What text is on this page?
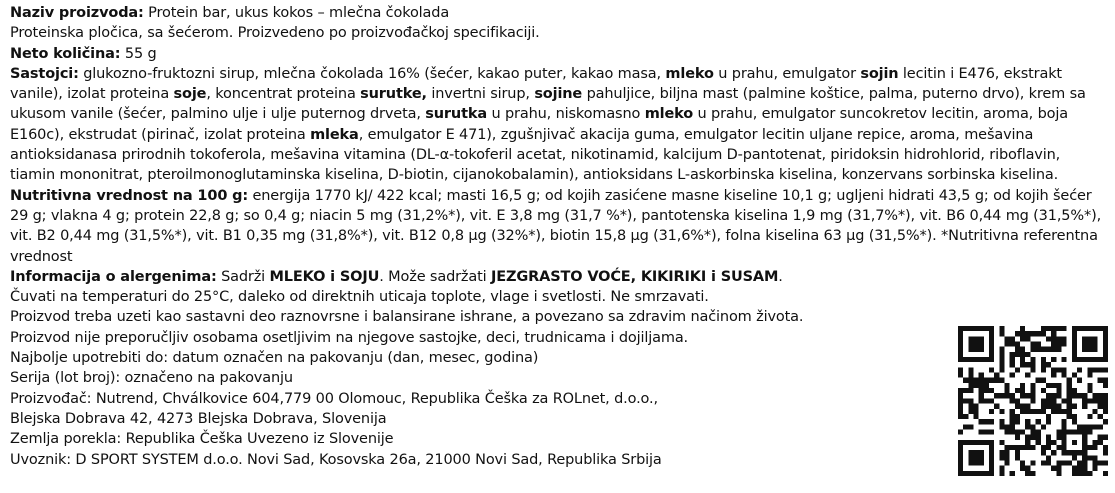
Naziv proizvoda: Protein bar, ukus kokos – mlečna čokolada

Proteinska pločica, sa šećerom. Proizvedeno po proizvođačkoj specifikaciji.

Neto količina: 55 g

Sastojci: glukozno-fruktozni sirup, mlečna čokolada 16% (šećer, kakao puter, kakao masa, mleko u prahu, emulgator sojin lecitin i E476, ekstrakt vanile), izolat proteina soje, koncentrat proteina surutke, invertni sirup, sojine pahuljice, biljna mast (palmine koštice, palma, puterno drvo), krem sa ukusom vanile (šećer, palmino ulje i ulje puternog drveta, surutka u prahu, niskomasno mleko u prahu, emulgator suncokretov lecitin, aroma, boja E160c), ekstrudat (pirinač, izolat proteina mleka, emulgator E 471), zgušnjivač akacija guma, emulgator lecitin uljane repice, aroma, mešavina antioksidanasa prirodnih tokoferola, mešavina vitamina (DL-α-tokoferil acetat, nikotinamid, kalcijum D-pantotenat, piridoksin hidrohlorid, riboflavin, tiamin mononitrat, pteroilmonoglutaminska kiselina, D-biotin, cijanokobalamin), antioksidans L-askorbinska kiselina, konzervans sorbinska kiselina.

Nutritivna vrednost na 100 g: energija 1770 kJ/ 422 kcal; masti 16,5 g; od kojih zasićene masne kiseline 10,1 g; ugljeni hidrati 43,5 g; od kojih šećer 29 g; vlakna 4 g; protein 22,8 g; so 0,4 g; niacin 5 mg (31,2%*), vit. E 3,8 mg (31,7 %*), pantotenska kiselina 1,9 mg (31,7%*), vit. B6 0,44 mg (31,5%*), vit. B2 0,44 mg (31,5%*), vit. B1 0,35 mg (31,8%*), vit. B12 0,8 µg (32%*), biotin 15,8 µg (31,6%*), folna kiselina 63 µg (31,5%*). *Nutritivna referentna vrednost

Informacija o alergenima: Sadrži MLEKO i SOJU. Može sadržati JEZGRASTO VOĆE, KIKIRIKI i SUSAM.

Čuvati na temperaturi do 25°C, daleko od direktnih uticaja toplote, vlage i svetlosti. Ne smrzavati.

Proizvod treba uzeti kao sastavni deo raznovrsne i balansirane ishrane, a povezano sa zdravim načinom života.

Proizvod nije preporučljiv osobama osetljivim na njegove sastojke, deci, trudnicama i dojiljama.

Najbolje upotrebiti do: datum označen na pakovanju (dan, mesec, godina)

Serija (lot broj): označeno na pakovanju

Proizvođač: Nutrend, Chválkovice 604,779 00 Olomouc, Republika Češka za ROLnet, d.o.o.,

Blejska Dobrava 42, 4273 Blejska Dobrava, Slovenija

Zemlja porekla: Republika Češka Uvezeno iz Slovenije

Uvoznik: D SPORT SYSTEM d.o.o. Novi Sad, Kosovska 26a, 21000 Novi Sad, Republika Srbija
